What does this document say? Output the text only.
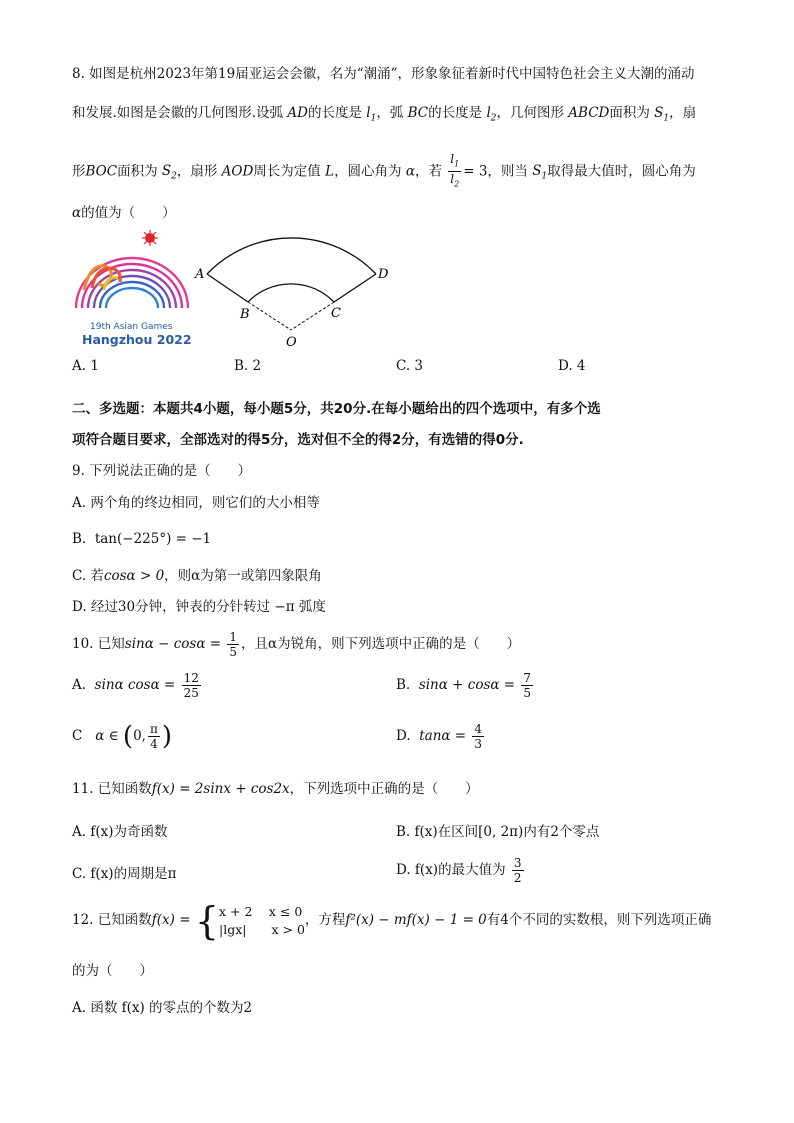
8. 如图是杭州2023年第19届亚运会会徽，名为“潮涌”，形象象征着新时代中国特色社会主义大潮的涌动
和发展.如图是会徽的几何图形.设弧 AD的长度是 $l_1$，弧 BC的长度是 $l_2$，几何图形 ABCD面积为 $S_1$，扇
形BOC面积为 $S_2$，扇形 AOD周长为定值 L，圆心角为 α，若 $\frac{l_1}{l_2} = 3$，则当 $S_1$取得最大值时，圆心角为
α的值为（　　）
19th Asian Games
Hangzhou 2022
A	D
B	C
O
A. 1	B. 2	C. 3	D. 4
二、多选题：本题共4小题，每小题5分，共20分.在每小题给出的四个选项中，有多个选
项符合题目要求，全部选对的得5分，选对但不全的得2分，有选错的得0分.
9. 下列说法正确的是（　　）
A. 两个角的终边相同，则它们的大小相等
B. tan(−225°) = −1
C. 若cosα > 0，则α为第一或第四象限角
D. 经过30分钟，钟表的分针转过 −π 弧度
10. 已知$\sin\alpha - \cos\alpha = \frac{1}{5}$ ，且α为锐角，则下列选项中正确的是（　　）
A. sinα $\cos\alpha = \frac{12}{25}$	B. $\sin\alpha + \cos\alpha = \frac{7}{5}$
C α ∈ (0, $\frac{\pi}{4}$ )	D. $\tan\alpha = \frac{4}{3}$
11. 已知函数f(x) = 2sinx + cos2x，下列选项中正确的是（　　）
A. f(x)为奇函数	B. f(x)在区间[0, 2π)内有2个零点
C. f(x)的周期是π	D. f(x)的最大值为 $\frac{3}{2}$
12. 已知函数f(x) = { x + 2　 x ≤ 0
|lgx|　　x > 0
，方程f²(x) − mf(x) − 1 = 0有4个不同的实数根，则下列选项正确
的为（　　）
A. 函数 f(x) 的零点的个数为2
